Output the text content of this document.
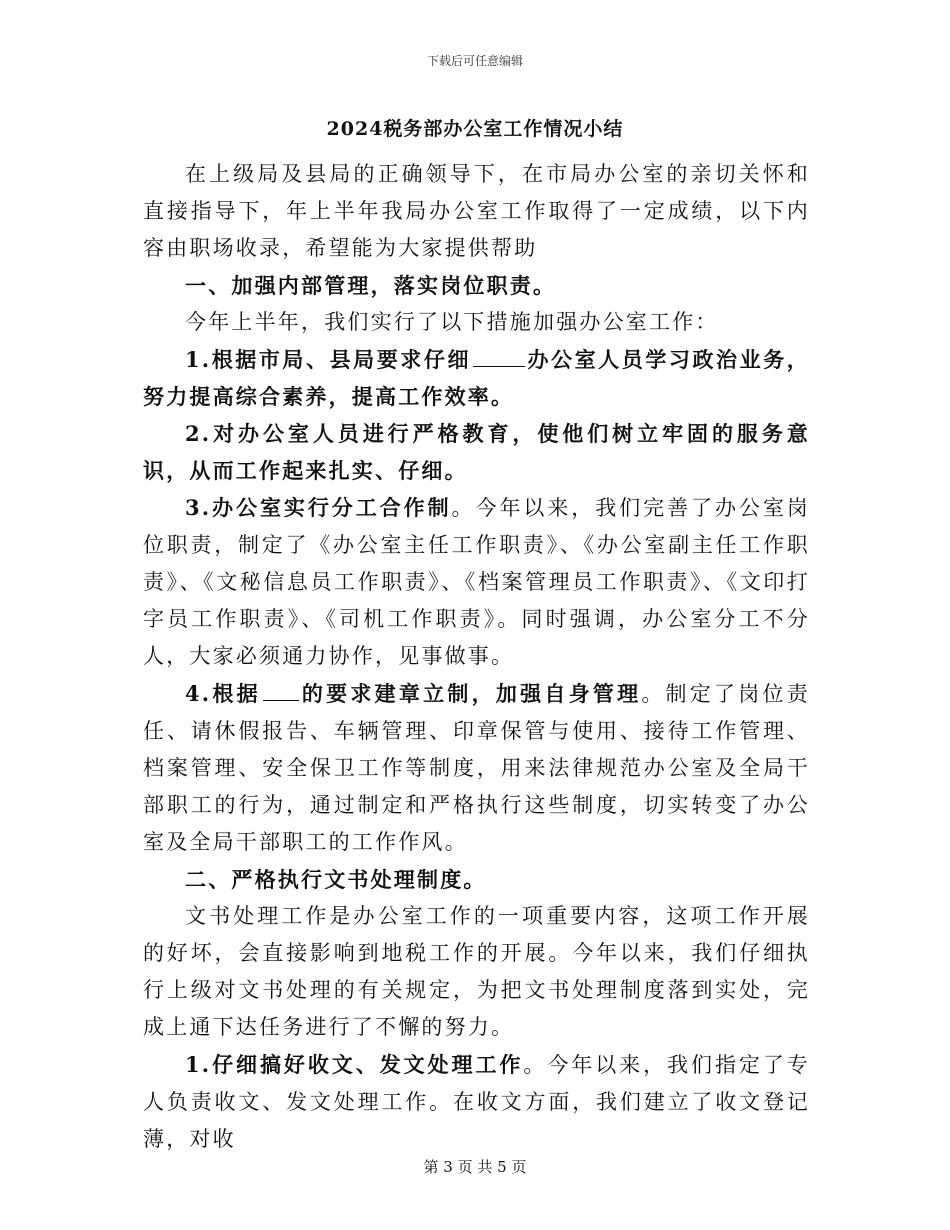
下载后可任意编辑
2024税务部办公室工作情况小结

在上级局及县局的正确领导下，在市局办公室的亲切关怀和直接指导下，年上半年我局办公室工作取得了一定成绩，以下内容由职场收录，希望能为大家提供帮助

一、加强内部管理，落实岗位职责。

今年上半年，我们实行了以下措施加强办公室工作：

1.根据市局、县局要求仔细	办公室人员学习政治业务，努力提高综合素养，提高工作效率。

2.对办公室人员进行严格教育，使他们树立牢固的服务意识，从而工作起来扎实、仔细。

3.办公室实行分工合作制。今年以来，我们完善了办公室岗位职责，制定了《办公室主任工作职责》、《办公室副主任工作职责》、《文秘信息员工作职责》、《档案管理员工作职责》、《文印打字员工作职责》、《司机工作职责》。同时强调，办公室分工不分人，大家必须通力协作，见事做事。

4.根据 的要求建章立制，加强自身管理。制定了岗位责任、请休假报告、车辆管理、印章保管与使用、接待工作管理、档案管理、安全保卫工作等制度，用来法律规范办公室及全局干部职工的行为，通过制定和严格执行这些制度，切实转变了办公室及全局干部职工的工作作风。

二、严格执行文书处理制度。

文书处理工作是办公室工作的一项重要内容，这项工作开展的好坏，会直接影响到地税工作的开展。今年以来，我们仔细执行上级对文书处理的有关规定，为把文书处理制度落到实处，完成上通下达任务进行了不懈的努力。

1.仔细搞好收文、发文处理工作。今年以来，我们指定了专人负责收文、发文处理工作。在收文方面，我们建立了收文登记薄，对收

第 3 页 共 5 页
